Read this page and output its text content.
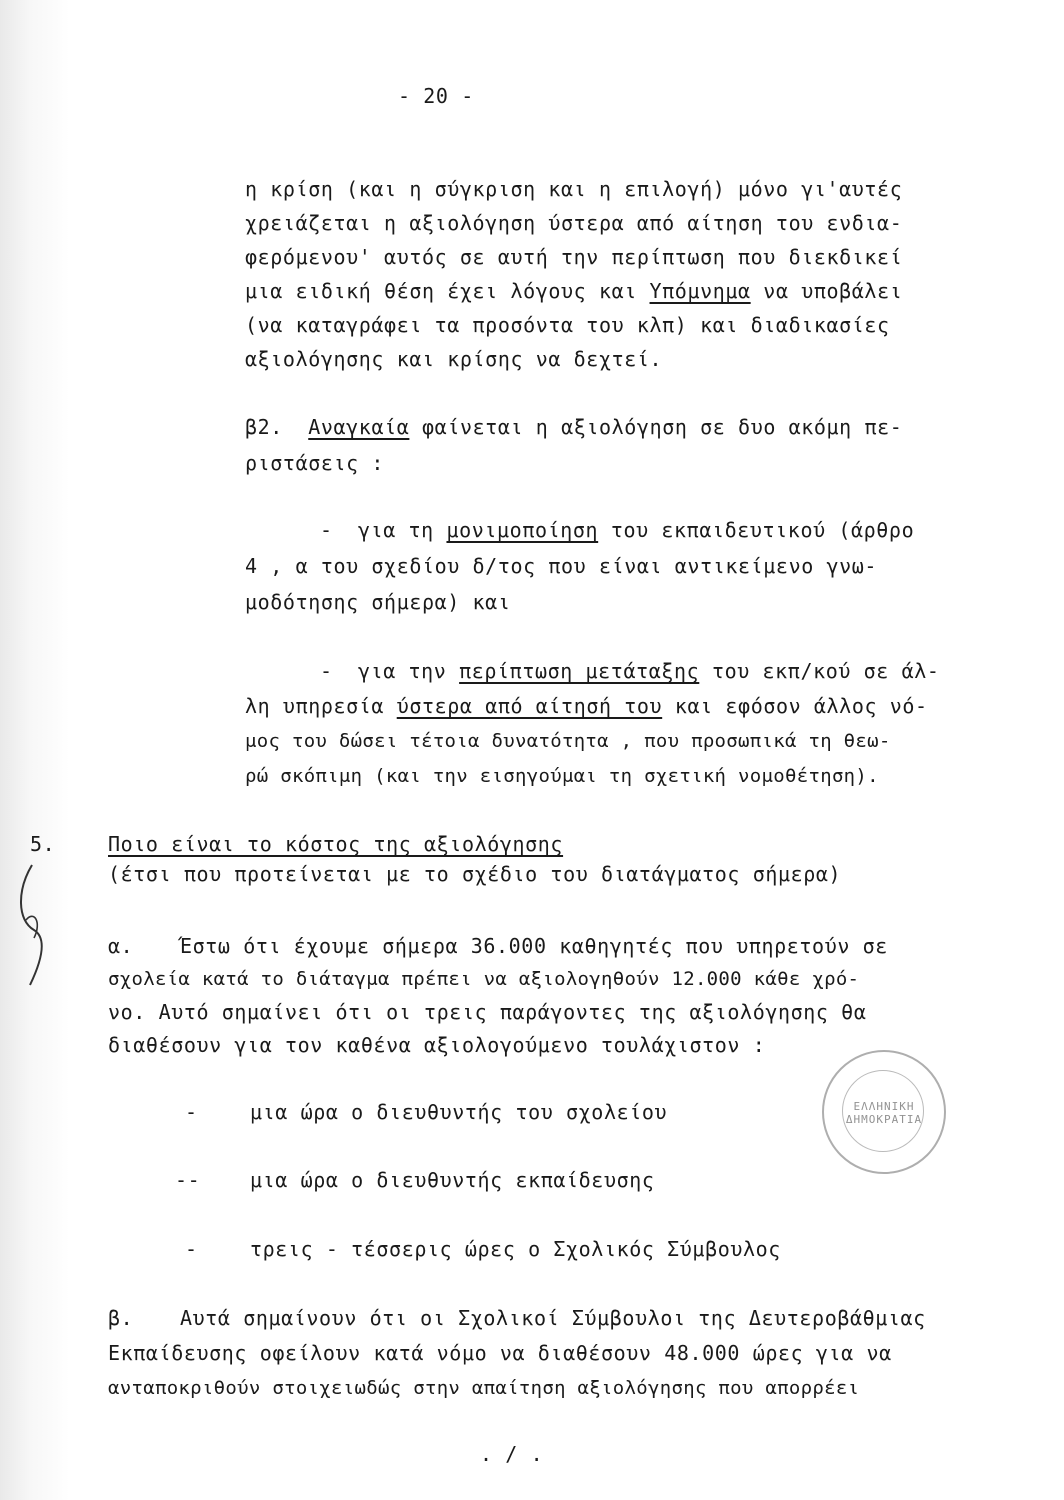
- 20 -
η κρίση (και η σύγκριση και η επιλογή) μόνο γι'αυτές
χρειάζεται η αξιολόγηση ύστερα από αίτηση του ενδια-
φερόμενου' αυτός σε αυτή την περίπτωση που διεκδικεί
μια ειδική θέση έχει λόγους και Υπόμνημα να υποβάλει
(να καταγράφει τα προσόντα του κλπ) και διαδικασίες
αξιολόγησης και κρίσης να δεχτεί.
β2. Αναγκαία φαίνεται η αξιολόγηση σε δυο ακόμη πε-
ριστάσεις :
- για τη μονιμοποίηση του εκπαιδευτικού (άρθρο
4 , α του σχεδίου δ/τος που είναι αντικείμενο γνω-
μοδότησης σήμερα) και
- για την περίπτωση μετάταξης του εκπ/κού σε άλ-
λη υπηρεσία ύστερα από αίτησή του και εφόσον άλλος νό-
μος του δώσει τέτοια δυνατότητα , που προσωπικά τη θεω-
ρώ σκόπιμη (και την εισηγούμαι τη σχετική νομοθέτηση).
5.	Ποιο είναι το κόστος της αξιολόγησης
(έτσι που προτείνεται με το σχέδιο του διατάγματος σήμερα)
α. Έστω ότι έχουμε σήμερα 36.000 καθηγητές που υπηρετούν σε
σχολεία κατά το διάταγμα πρέπει να αξιολογηθούν 12.000 κάθε χρό-
νο. Αυτό σημαίνει ότι οι τρεις παράγοντες της αξιολόγησης θα
διαθέσουν για τον καθένα αξιολογούμενο τουλάχιστον :
-	μια ώρα ο διευθυντής του σχολείου
-- μια ώρα ο διευθυντής εκπαίδευσης
-	τρεις - τέσσερις ώρες ο Σχολικός Σύμβουλος
ΕΛΛΗΝΙΚΗ ΔΗΜΟΚΡΑΤΙΑ
β. Αυτά σημαίνουν ότι οι Σχολικοί Σύμβουλοι της Δευτεροβάθμιας
Εκπαίδευσης οφείλουν κατά νόμο να διαθέσουν 48.000 ώρες για να
ανταποκριθούν στοιχειωδώς στην απαίτηση αξιολόγησης που απορρέει
. / .
